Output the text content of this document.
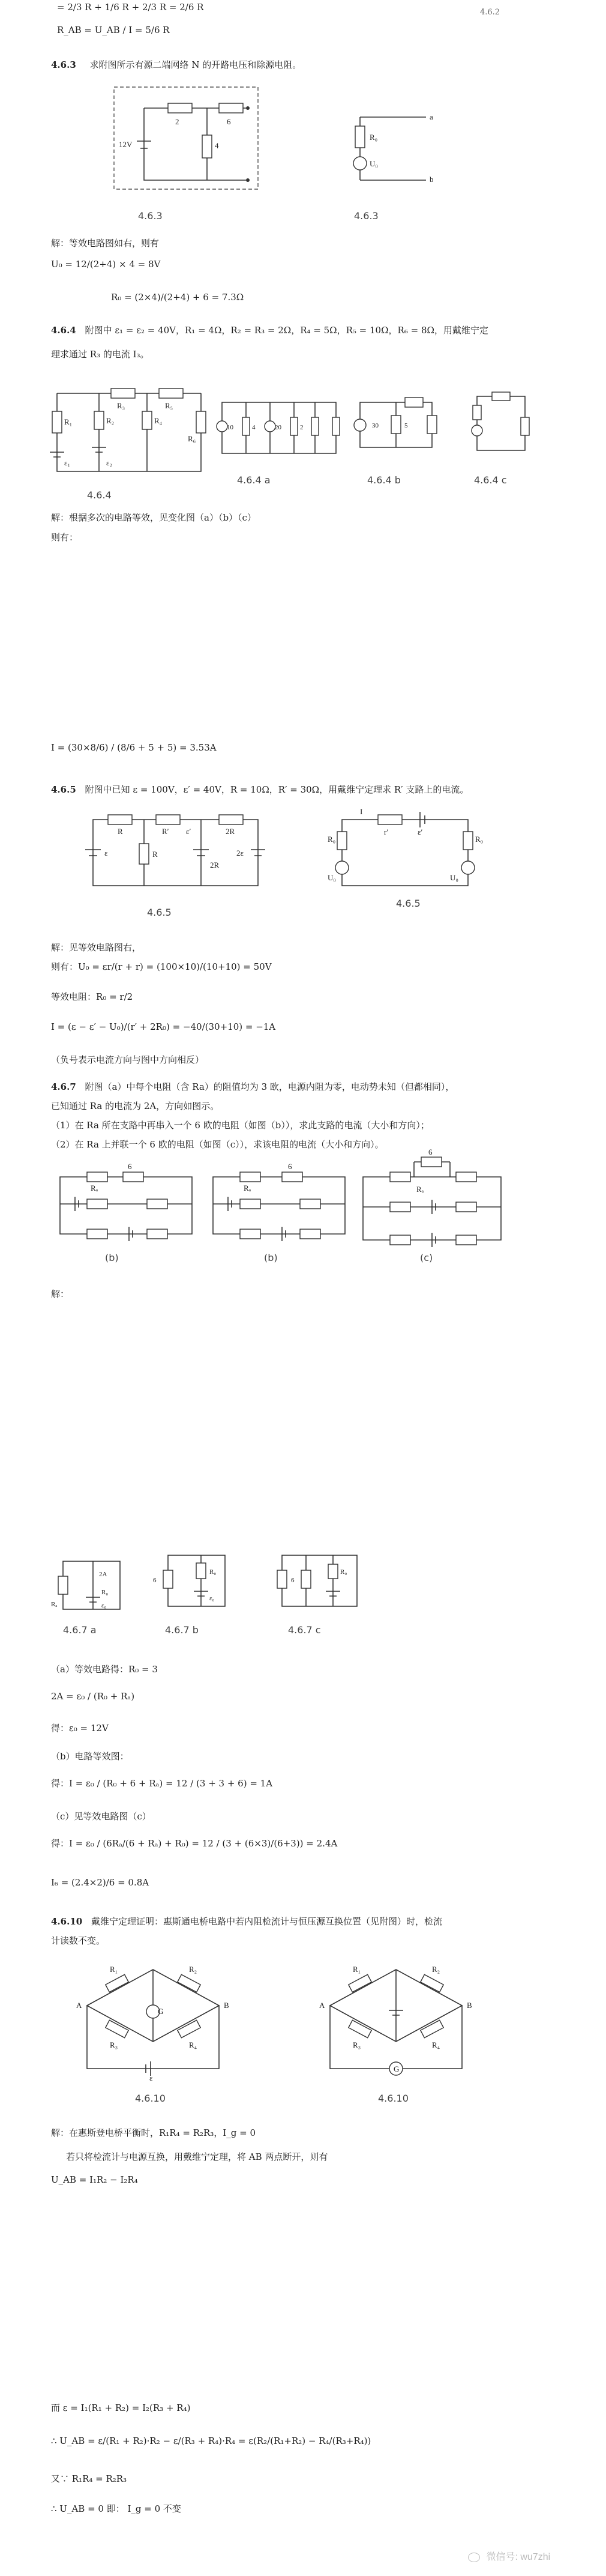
= 2/3 R + 1/6 R + 2/3 R = 2/6 R
R_AB = U_AB / I = 5/6 R
4.6.2
4.6.3 求附图所示有源二端网络 N 的开路电压和除源电阻。
2	6
12V	4
R₀
U₀
a
b
4.6.3	4.6.3
解：等效电路图如右，则有
U₀ = 12/(2+4) × 4 = 8V
R₀ = (2×4)/(2+4) + 6 = 7.3Ω
4.6.4 附图中 ε₁ = ε₂ = 40V，R₁ = 4Ω，R₂ = R₃ = 2Ω，R₄ = 5Ω，R₅ = 10Ω，R₆ = 8Ω，用戴维宁定
理求通过 R₃ 的电流 I₃。
R₁	R₂
R₃
R₄
R₅
R₆
ε₁	ε₂
10	4	20	2	30	5
4.6.4
4.6.4 a	4.6.4 b	4.6.4 c
解：根据多次的电路等效，见变化图（a）（b）（c）
则有：
I = (30×8/6) / (8/6 + 5 + 5) = 3.53A
4.6.5 附图中已知 ε = 100V，ε′ = 40V，R = 10Ω，R′ = 30Ω，用戴维宁定理求 R′ 支路上的电流。
ε
R	R′ ε′	2R
R
2R
2ε
I
r′	ε′
R₀
U₀
R₀
U₀
4.6.5
4.6.5
解：见等效电路图右，
则有：U₀ = εr/(r + r) = (100×10)/(10+10) = 50V
等效电阻：R₀ = r/2
I = (ε − ε′ − U₀)/(r′ + 2R₀) = −40/(30+10) = −1A
（负号表示电流方向与图中方向相反）
4.6.7 附图（a）中每个电阻（含 Ra）的阻值均为 3 欧，电源内阻为零，电动势未知（但都相同），
已知通过 Ra 的电流为 2A，方向如图示。
（1）在 Ra 所在支路中再串入一个 6 欧的电阻（如图（b）），求此支路的电流（大小和方向）；
（2）在 Ra 上并联一个 6 欧的电阻（如图（c）），求该电阻的电流（大小和方向）。
6
Rₐ
6
Rₐ
6
Rₐ
(b)	(b)	(c)
解：
2A
R₀
ε₀
Rₐ
6
R₀
ε₀
6
R₀
4.6.7 a	4.6.7 b	4.6.7 c
（a）等效电路得：R₀ = 3
2A = ε₀ / (R₀ + Rₐ)
得：ε₀ = 12V
（b）电路等效图：
得：I = ε₀ / (R₀ + 6 + Rₐ) = 12 / (3 + 3 + 6) = 1A
（c）见等效电路图（c）
得：I = ε₀ / (6Rₐ/(6 + Rₐ) + R₀) = 12 / (3 + (6×3)/(6+3)) = 2.4A
I₆ = (2.4×2)/6 = 0.8A
4.6.10 戴维宁定理证明：惠斯通电桥电路中若内阻检流计与恒压源互换位置（见附图）时，检流
计读数不变。
R₁	R₂
R₃	R₄
A	B
G
ε
R₁	R₂
R₃	R₄
A	B
G
4.6.10	4.6.10
解：在惠斯登电桥平衡时，R₁R₄ = R₂R₃，I_g = 0
若只将检流计与电源互换，用戴维宁定理，将 AB 两点断开，则有
U_AB = I₁R₂ − I₂R₄
而 ε = I₁(R₁ + R₂) = I₂(R₃ + R₄)
∴ U_AB = ε/(R₁ + R₂)·R₂ − ε/(R₃ + R₄)·R₄ = ε(R₂/(R₁+R₂) − R₄/(R₃+R₄))
又∵ R₁R₄ = R₂R₃
∴ U_AB = 0 即： I_g = 0 不变
微信号: wu7zhi
